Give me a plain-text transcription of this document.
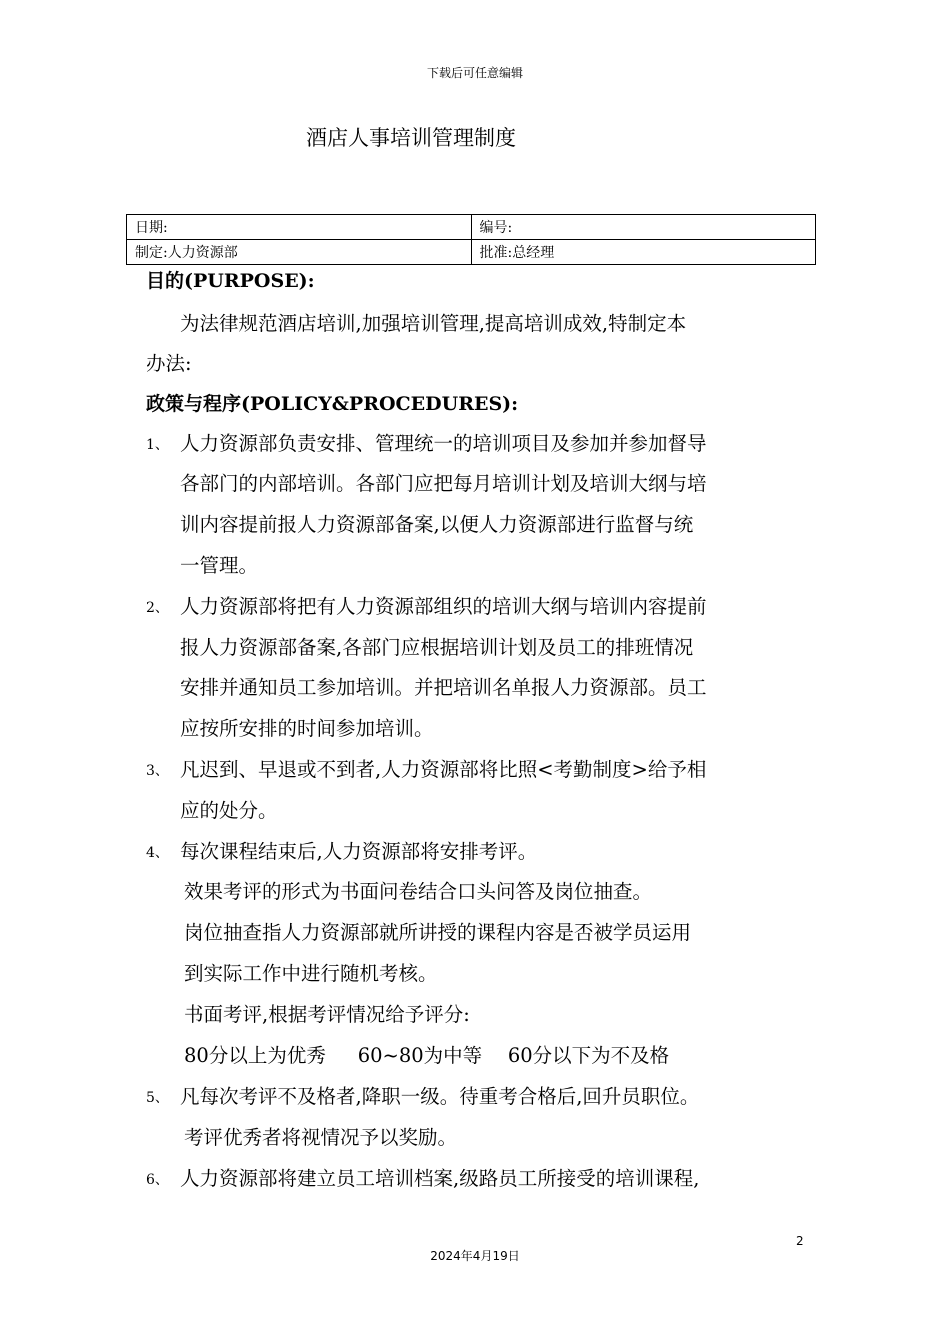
下载后可任意编辑
酒店人事培训管理制度
日期:	编号:
制定:人力资源部	批准:总经理
目的(PURPOSE):
为法律规范酒店培训,加强培训管理,提高培训成效,特制定本
办法:
政策与程序(POLICY&PROCEDURES):
1、 人力资源部负责安排、管理统一的培训项目及参加并参加督导
各部门的内部培训。各部门应把每月培训计划及培训大纲与培
训内容提前报人力资源部备案,以便人力资源部进行监督与统
一管理。
2、 人力资源部将把有人力资源部组织的培训大纲与培训内容提前
报人力资源部备案,各部门应根据培训计划及员工的排班情况
安排并通知员工参加培训。并把培训名单报人力资源部。员工
应按所安排的时间参加培训。
3、 凡迟到、早退或不到者,人力资源部将比照<考勤制度>给予相
应的处分。
4、 每次课程结束后,人力资源部将安排考评。
效果考评的形式为书面问卷结合口头问答及岗位抽查。
岗位抽查指人力资源部就所讲授的课程内容是否被学员运用
到实际工作中进行随机考核。
书面考评,根据考评情况给予评分:
80分以上为优秀 　 60~80为中等 　60分以下为不及格
5、 凡每次考评不及格者,降职一级。待重考合格后,回升员职位。
考评优秀者将视情况予以奖励。
6、 人力资源部将建立员工培训档案,级路员工所接受的培训课程,
2
2024年4月19日
